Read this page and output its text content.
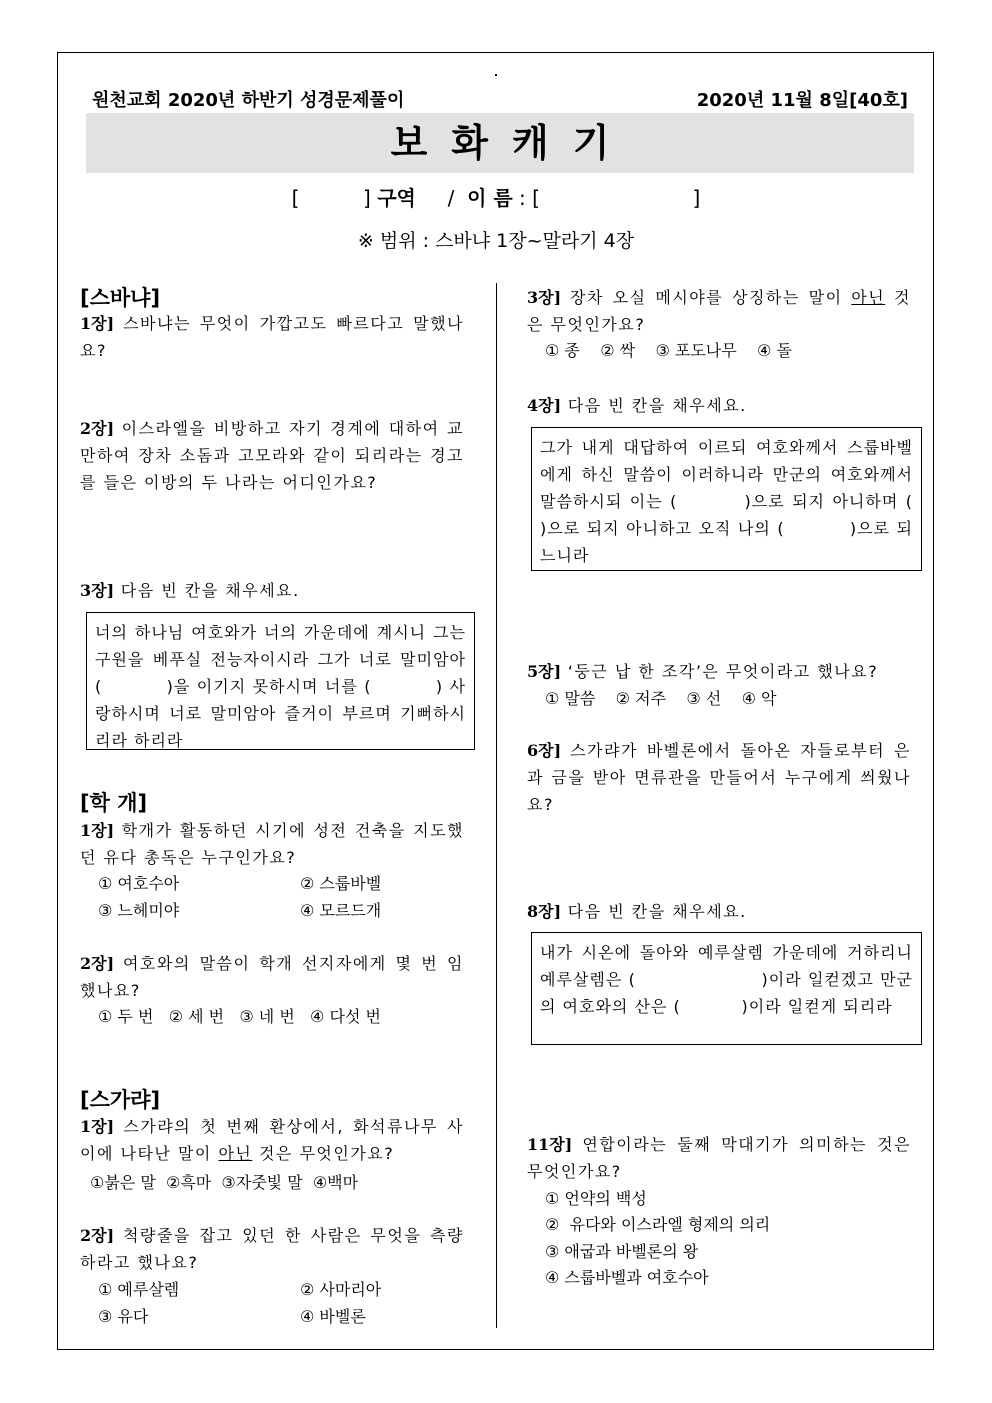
원천교회 2020년 하반기 성경문제풀이	2020년 11월 8일[40호]
보화캐기
[          ] 구역     /  이 름 : [                        ]
※ 범위 : 스바냐 1장~말라기 4장
[스바냐]
1장] 스바냐는 무엇이 가깝고도 빠르다고 말했나요?
2장] 이스라엘을 비방하고 자기 경계에 대하여 교만하여 장차 소돔과 고모라와 같이 되리라는 경고를 들은 이방의 두 나라는 어디인가요?
3장] 다음 빈 칸을 채우세요.
너의 하나님 여호와가 너의 가운데에 계시니 그는 구원을 베푸실 전능자이시라 그가 너로 말미암아 (          )을 이기지 못하시며 너를 (          ) 사랑하시며 너로 말미암아 즐거이 부르며 기뻐하시리라 하리라
[학 개]
1장] 학개가 활동하던 시기에 성전 건축을 지도했던 유다 총독은 누구인가요?
① 여호수아	② 스룹바벨
③ 느헤미야	④ 모르드개
2장] 여호와의 말씀이 학개 선지자에게 몇 번 임했나요?
① 두 번   ② 세 번   ③ 네 번   ④ 다섯 번
[스가랴]
1장] 스가랴의 첫 번째 환상에서, 화석류나무 사이에 나타난 말이 아닌 것은 무엇인가요?
①붉은 말  ②흑마  ③자줏빛 말  ④백마
2장] 척량줄을 잡고 있던 한 사람은 무엇을 측량하라고 했나요?
① 예루살렘	② 사마리아
③ 유다	④ 바벨론
3장] 장차 오실 메시야를 상징하는 말이 아닌 것은 무엇인가요?
① 종    ② 싹    ③ 포도나무    ④ 돌
4장] 다음 빈 칸을 채우세요.
그가 내게 대답하여 이르되 여호와께서 스룹바벨에게 하신 말씀이 이러하니라 만군의 여호와께서 말씀하시되 이는 (         )으로 되지 아니하며 (          )으로 되지 아니하고 오직 나의 (          )으로 되느니라
5장] ‘둥근 납 한 조각’은 무엇이라고 했나요?
① 말씀    ② 저주    ③ 선    ④ 악
6장] 스가랴가 바벨론에서 돌아온 자들로부터 은과 금을 받아 면류관을 만들어서 누구에게 씌웠나요?
8장] 다음 빈 칸을 채우세요.
내가 시온에 돌아와 예루살렘 가운데에 거하리니 예루살렘은 (                    )이라 일컫겠고 만군의 여호와의 산은 (          )이라 일컫게 되리라
11장] 연합이라는 둘째 막대기가 의미하는 것은 무엇인가요?
① 언약의 백성
②  유다와 이스라엘 형제의 의리
③ 애굽과 바벨론의 왕
④ 스룹바벨과 여호수아
